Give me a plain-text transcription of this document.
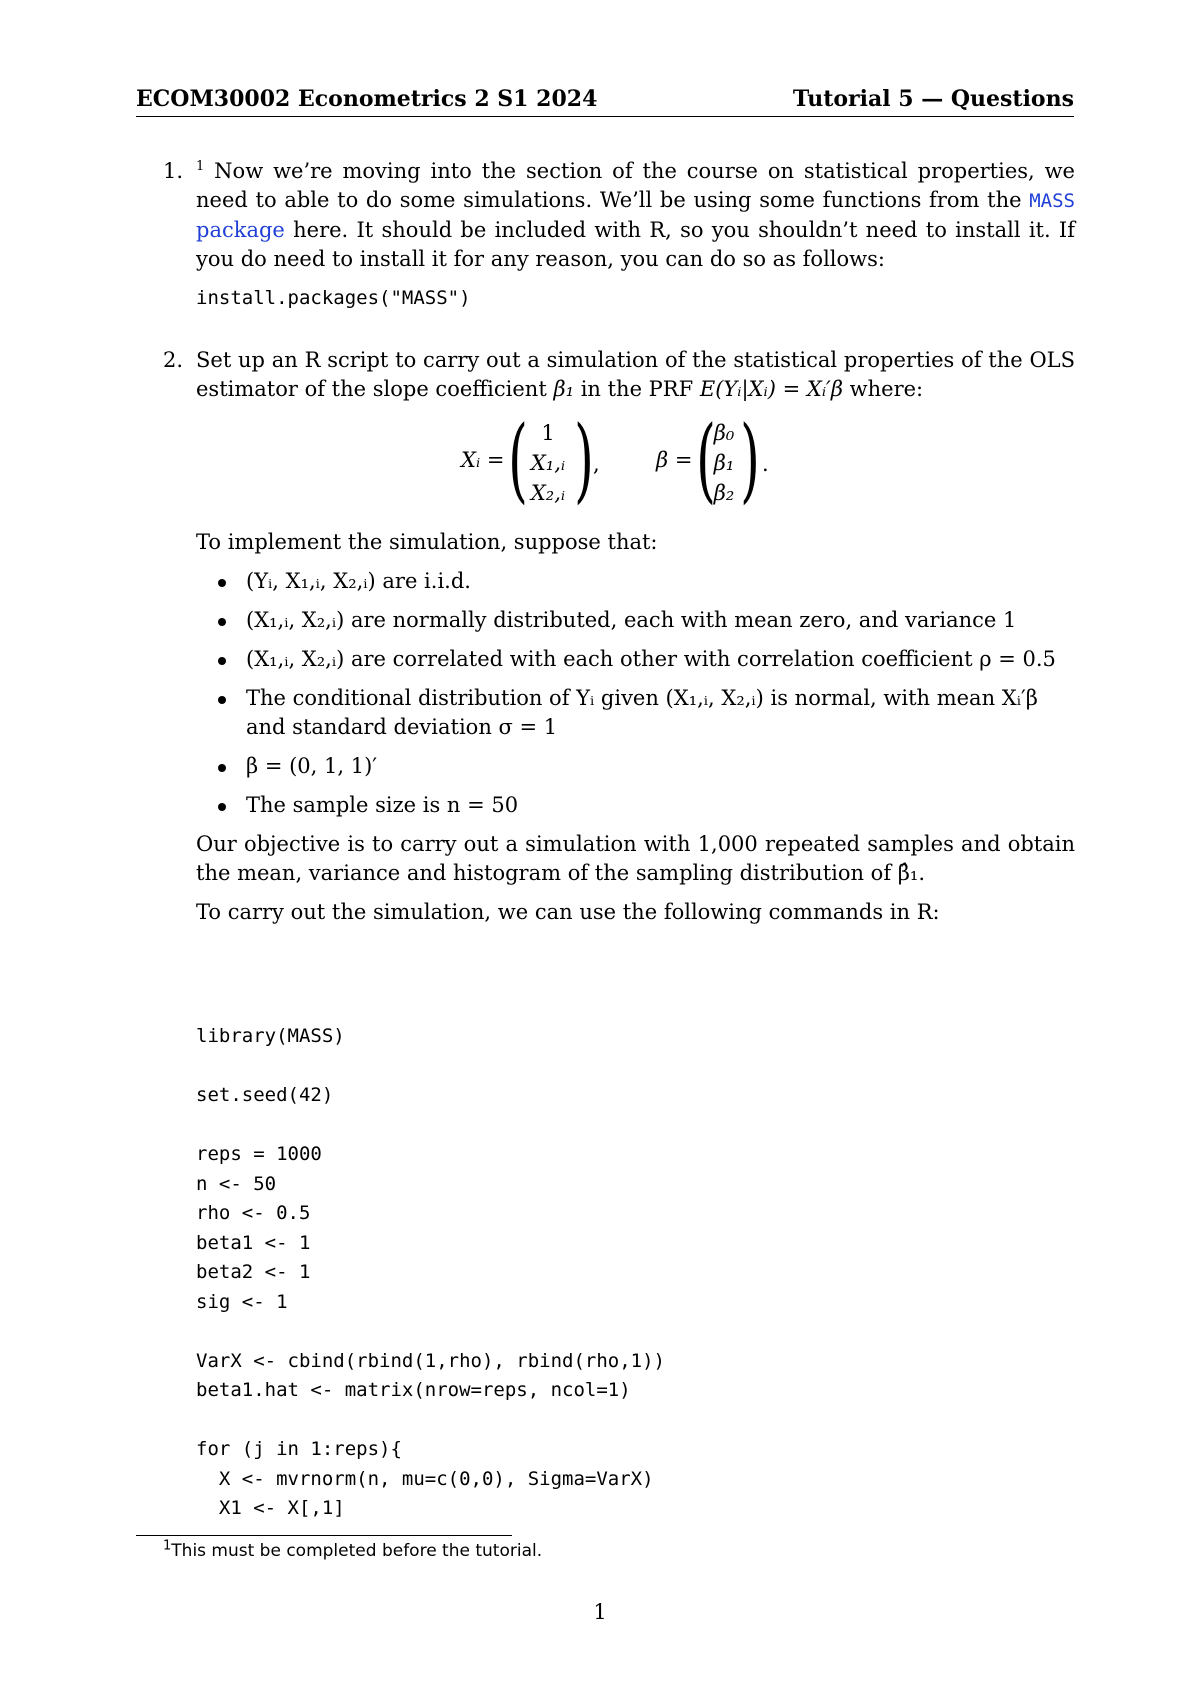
ECOM30002 Econometrics 2 S1 2024	Tutorial 5 — Questions
1. $^1$ Now we’re moving into the section of the course on statistical properties, we need to able to do some simulations. We’ll be using some functions from the MASS package here. It should be included with R, so you shouldn’t need to install it. If you do need to install it for any reason, you can do so as follows:

install.packages("MASS")

2. Set up an R script to carry out a simulation of the statistical properties of the OLS estimator of the slope coefficient β₁ in the PRF E(Yᵢ|Xᵢ) = Xᵢ′β where:

Xᵢ = ( 1
X₁,ᵢ
X₂,ᵢ ) ,	β = (
β₀
β₁
β₂ ) .

To implement the simulation, suppose that:

(Yᵢ, X₁,ᵢ, X₂,ᵢ) are i.i.d.
(X₁,ᵢ, X₂,ᵢ) are normally distributed, each with mean zero, and variance 1
(X₁,ᵢ, X₂,ᵢ) are correlated with each other with correlation coefficient ρ = 0.5
The conditional distribution of Yᵢ given (X₁,ᵢ, X₂,ᵢ) is normal, with mean Xᵢ′β and standard deviation σ = 1
β = (0, 1, 1)′
The sample size is n = 50

Our objective is to carry out a simulation with 1,000 repeated samples and obtain the mean, variance and histogram of the sampling distribution of β̂₁.

To carry out the simulation, we can use the following commands in R:

library(MASS)

set.seed(42)

reps = 1000
n <- 50
rho <- 0.5
beta1 <- 1
beta2 <- 1
sig <- 1

VarX <- cbind(rbind(1,rho), rbind(rho,1))
beta1.hat <- matrix(nrow=reps, ncol=1)

for (j in 1:reps){
X <- mvrnorm(n, mu=c(0,0), Sigma=VarX)
X1 <- X[,1]
$^1$This must be completed before the tutorial.
1
